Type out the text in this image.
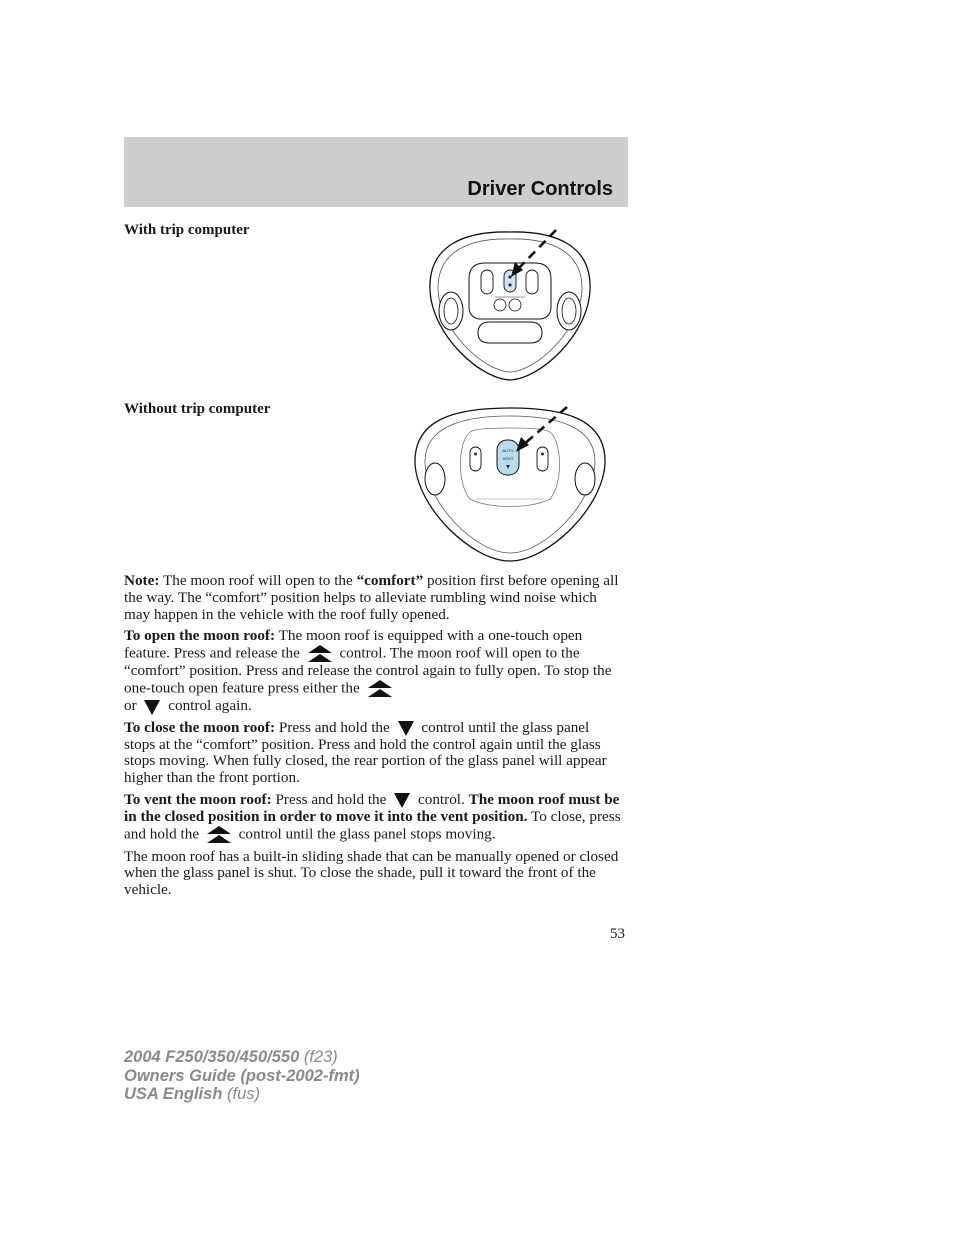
Driver Controls
With trip computer
Without trip computer
AUTO
VENT

Note: The moon roof will open to the “comfort” position first before opening all the way. The “comfort” position helps to alleviate rumbling wind noise which may happen in the vehicle with the roof fully opened.

To open the moon roof: The moon roof is equipped with a one-touch open feature. Press and release the	control. The moon roof will open to the “comfort” position. Press and release the control again to fully open. To stop the one-touch open feature press either the
or control again.

To close the moon roof: Press and hold the control until the glass panel stops at the “comfort” position. Press and hold the control again until the glass stops moving. When fully closed, the rear portion of the glass panel will appear higher than the front portion.

To vent the moon roof: Press and hold the control. The moon roof must be in the closed position in order to move it into the vent position. To close, press and hold the	control until the glass panel stops moving.

The moon roof has a built-in sliding shade that can be manually opened or closed when the glass panel is shut. To close the shade, pull it toward the front of the vehicle.

53
2004 F250/350/450/550 (f23)
Owners Guide (post-2002-fmt)
USA English (fus)
